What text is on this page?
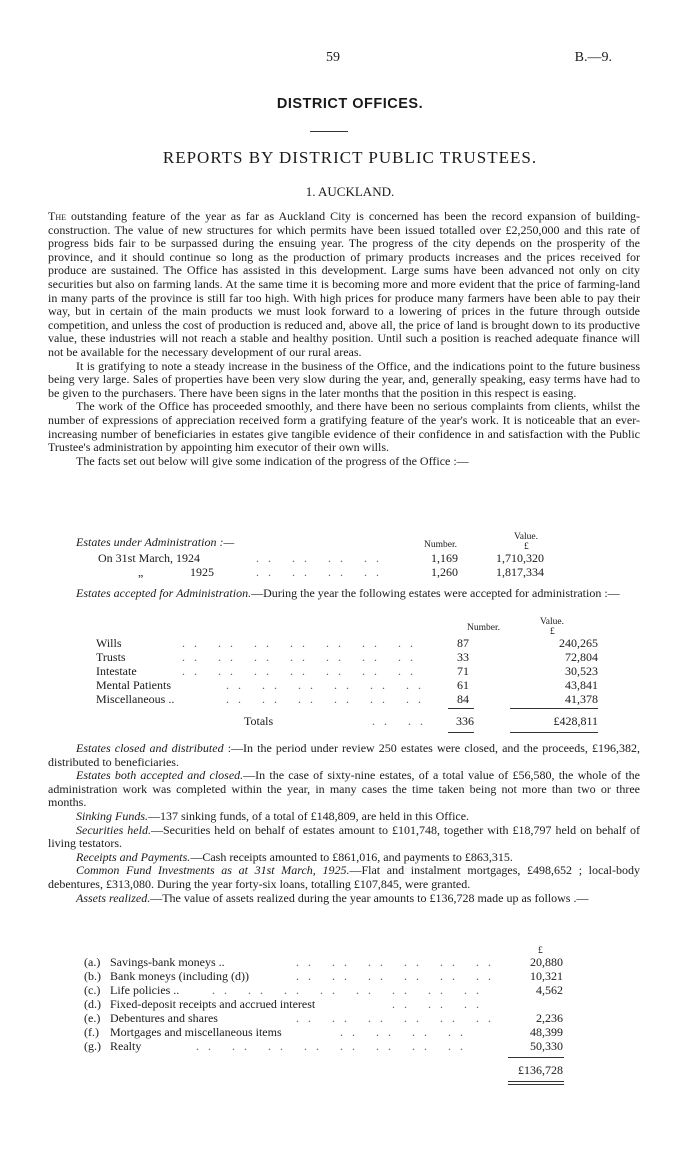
59	B.—9.
DISTRICT OFFICES.
REPORTS BY DISTRICT PUBLIC TRUSTEES.
1. AUCKLAND.

The outstanding feature of the year as far as Auckland City is concerned has been the record expansion of building-construction. The value of new structures for which permits have been issued totalled over £2,250,000 and this rate of progress bids fair to be surpassed during the ensuing year. The progress of the city depends on the prosperity of the province, and it should continue so long as the production of primary products increases and the prices received for produce are sustained. The Office has assisted in this development. Large sums have been advanced not only on city securities but also on farming lands. At the same time it is becoming more and more evident that the price of farming-land in many parts of the province is still far too high. With high prices for produce many farmers have been able to pay their way, but in certain of the main products we must look forward to a lowering of prices in the future through outside competition, and unless the cost of production is reduced and, above all, the price of land is brought down to its productive value, these industries will not reach a stable and healthy position. Until such a position is reached adequate finance will not be available for the necessary development of our rural areas.

It is gratifying to note a steady increase in the business of the Office, and the indications point to the future business being very large. Sales of properties have been very slow during the year, and, generally speaking, easy terms have had to be given to the purchasers. There have been signs in the later months that the position in this respect is easing.

The work of the Office has proceeded smoothly, and there have been no serious complaints from clients, whilst the number of expressions of appreciation received form a gratifying feature of the year's work. It is noticeable that an ever-increasing number of beneficiaries in estates give tangible evidence of their confidence in and satisfaction with the Public Trustee's administration by appointing him executor of their own wills.

The facts set out below will give some indication of the progress of the Office :—

Estates under Administration :—	Number.
Value.
£
On 31st March, 1924	.. .. .. ..	1,169	1,710,320
„	1925	.. .. .. ..	1,260	1,817,334

Estates accepted for Administration.—During the year the following estates were accepted for administration :—

Number.
Value.
£
Wills	.. .. .. .. .. .. ..	87	240,265
Trusts	.. .. .. .. .. .. ..	33	72,804
Intestate	.. .. .. .. .. .. ..	71	30,523
Mental Patients	.. .. .. .. .. .. 61	43,841
Miscellaneous ..	.. .. .. .. .. .. 84	41,378
Totals	.. .. 336	£428,811

Estates closed and distributed :—In the period under review 250 estates were closed, and the proceeds, £196,382, distributed to beneficiaries.

Estates both accepted and closed.—In the case of sixty-nine estates, of a total value of £56,580, the whole of the administration work was completed within the year, in many cases the time taken being not more than two or three months.

Sinking Funds.—137 sinking funds, of a total of £148,809, are held in this Office.

Securities held.—Securities held on behalf of estates amount to £101,748, together with £18,797 held on behalf of living testators.

Receipts and Payments.—Cash receipts amounted to £861,016, and payments to £863,315.

Common Fund Investments as at 31st March, 1925.—Flat and instalment mortgages, £498,652 ; local-body debentures, £313,080. During the year forty-six loans, totalling £107,845, were granted.

Assets realized.—The value of assets realized during the year amounts to £136,728 made up as follows .—

£
(a.) Savings-bank moneys ..	.. .. .. .. .. ..	20,880
(b.) Bank moneys (including (d))	.. .. .. .. .. ..	10,321
(c.) Life policies ..	.. .. .. .. .. .. .. ..	4,562
(d.) Fixed-deposit receipts and accrued interest	.. .. ..
(e.) Debentures and shares	.. .. .. .. .. ..	2,236
(f.) Mortgages and miscellaneous items	.. .. .. ..	48,399
(g.) Realty	.. .. .. .. .. .. .. ..	50,330
£136,728
